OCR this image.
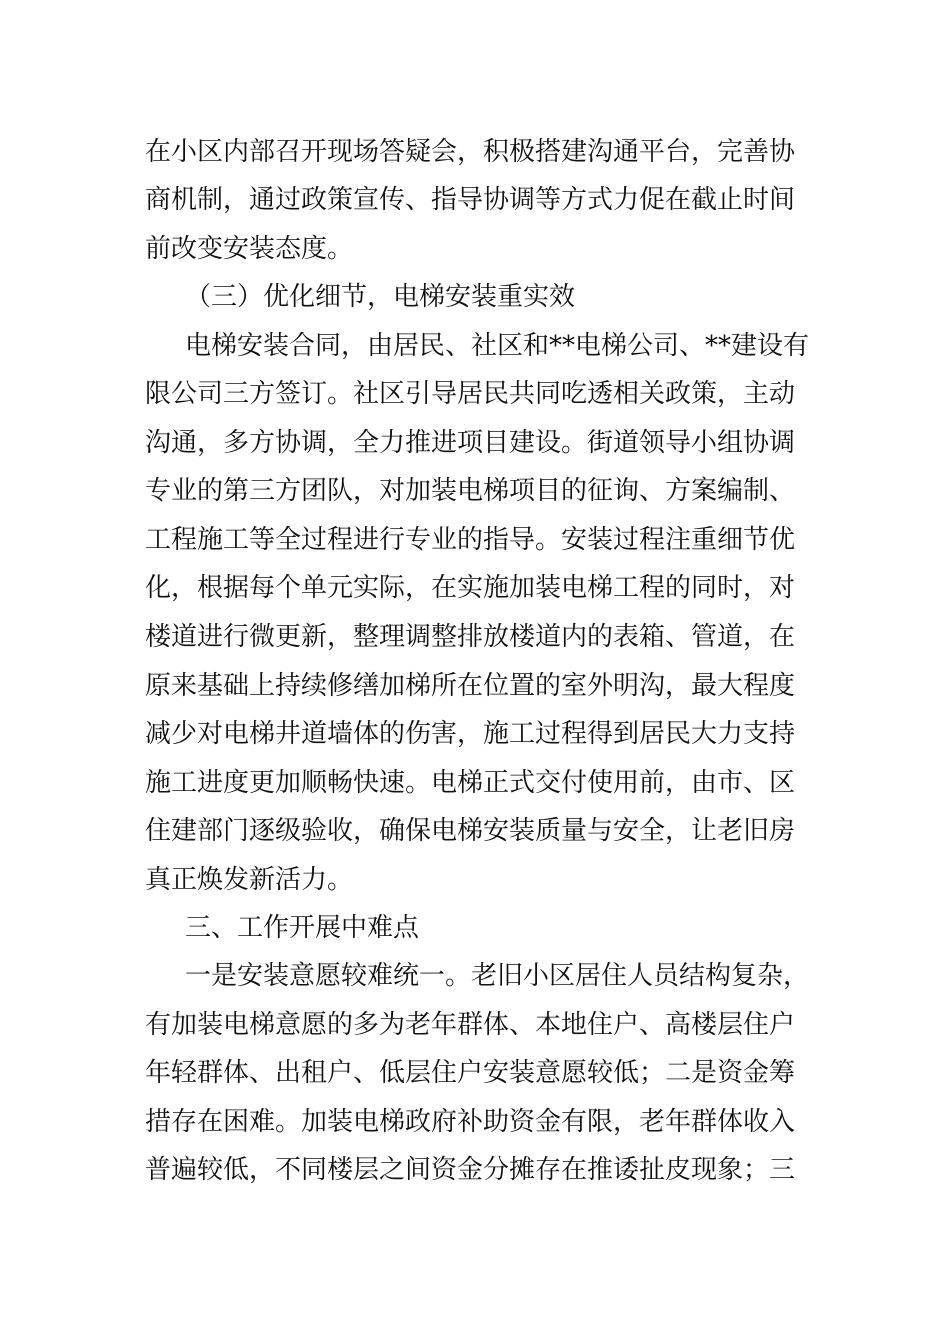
在小区内部召开现场答疑会，积极搭建沟通平台，完善协
商机制，通过政策宣传、指导协调等方式力促在截止时间
前改变安装态度。
（三）优化细节，电梯安装重实效
电梯安装合同，由居民、社区和**电梯公司、**建设有
限公司三方签订。社区引导居民共同吃透相关政策，主动
沟通，多方协调，全力推进项目建设。街道领导小组协调
专业的第三方团队，对加装电梯项目的征询、方案编制、
工程施工等全过程进行专业的指导。安装过程注重细节优
化，根据每个单元实际，在实施加装电梯工程的同时，对
楼道进行微更新，整理调整排放楼道内的表箱、管道，在
原来基础上持续修缮加梯所在位置的室外明沟，最大程度
减少对电梯井道墙体的伤害，施工过程得到居民大力支持
施工进度更加顺畅快速。电梯正式交付使用前，由市、区
住建部门逐级验收，确保电梯安装质量与安全，让老旧房
真正焕发新活力。
三、工作开展中难点
一是安装意愿较难统一。老旧小区居住人员结构复杂，
有加装电梯意愿的多为老年群体、本地住户、高楼层住户
年轻群体、出租户、低层住户安装意愿较低；二是资金筹
措存在困难。加装电梯政府补助资金有限，老年群体收入
普遍较低，不同楼层之间资金分摊存在推诿扯皮现象；三
